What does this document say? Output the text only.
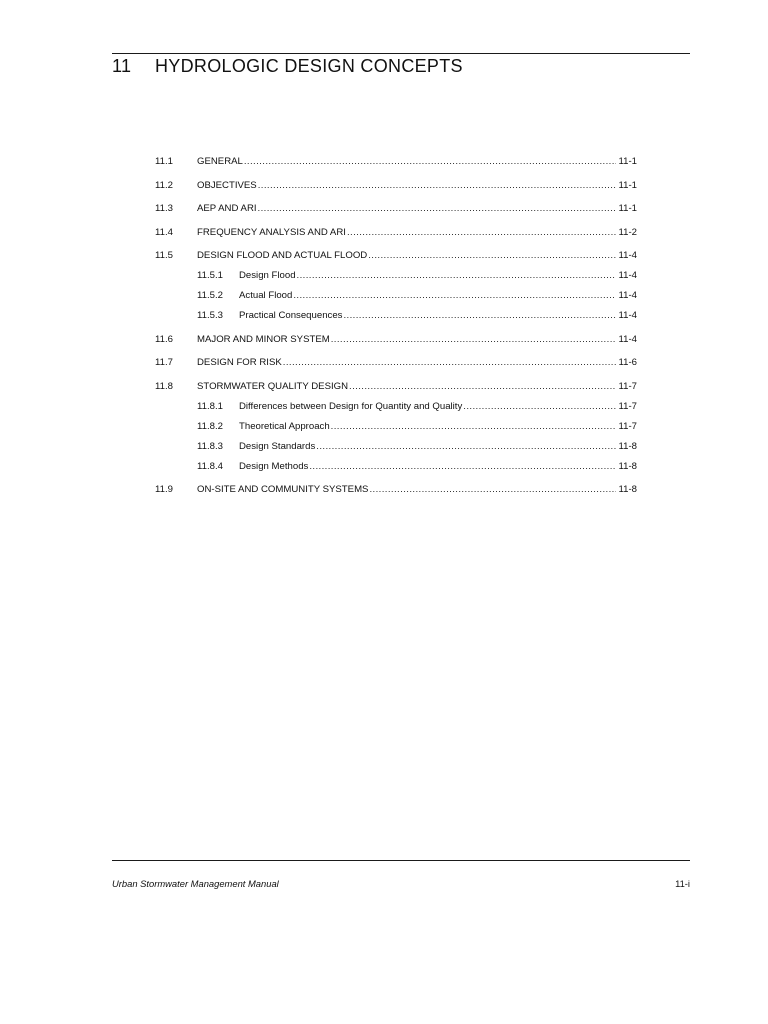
11 HYDROLOGIC DESIGN CONCEPTS
11.1	GENERAL .....	11-1
11.2	OBJECTIVES .....	11-1
11.3	AEP AND ARI .....	11-1
11.4	FREQUENCY ANALYSIS AND ARI .....	11-2
11.5	DESIGN FLOOD AND ACTUAL FLOOD .....	11-4
11.5.1	Design Flood .....	11-4
11.5.2	Actual Flood .....	11-4
11.5.3	Practical Consequences .....	11-4
11.6	MAJOR AND MINOR SYSTEM .....	11-4
11.7	DESIGN FOR RISK .....	11-6
11.8	STORMWATER QUALITY DESIGN .....	11-7
11.8.1	Differences between Design for Quantity and Quality .....	11-7
11.8.2	Theoretical Approach .....	11-7
11.8.3	Design Standards .....	11-8
11.8.4	Design Methods .....	11-8
11.9	ON-SITE AND COMMUNITY SYSTEMS .....	11-8
Urban Stormwater Management Manual	11-i
